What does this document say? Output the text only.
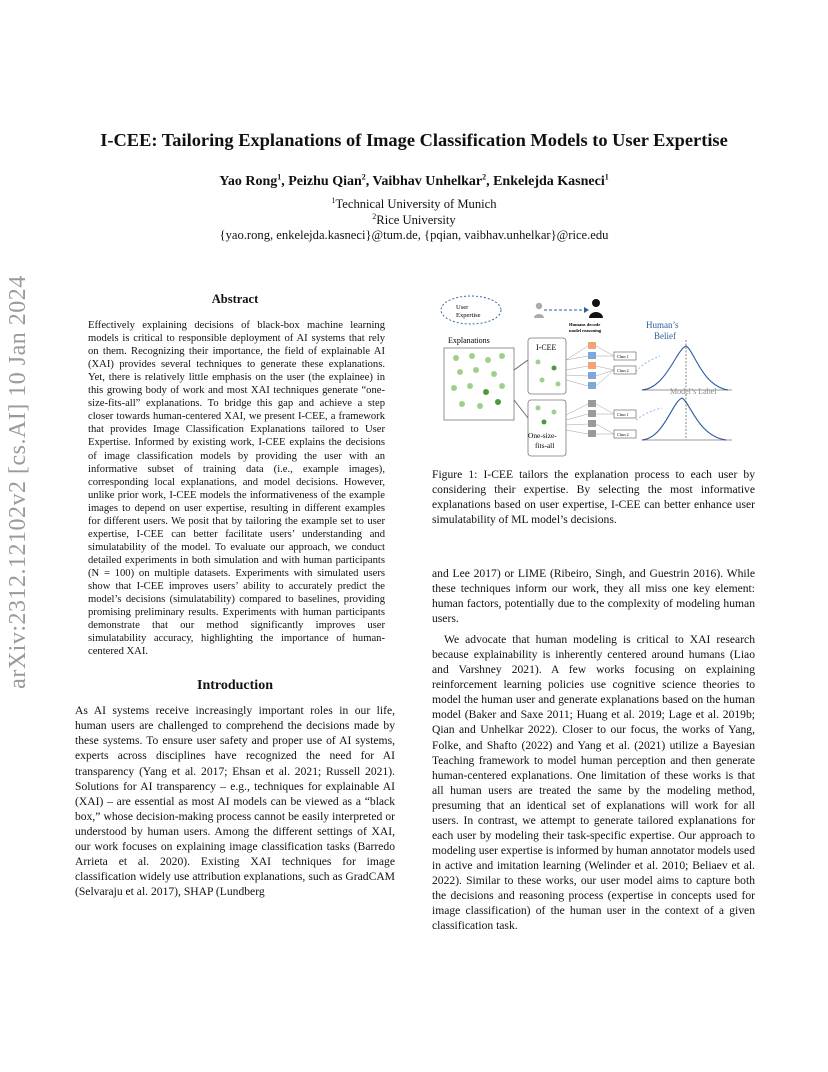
arXiv:2312.12102v2 [cs.AI] 10 Jan 2024
I-CEE: Tailoring Explanations of Image Classification Models to User Expertise
Yao Rong$^1$, Peizhu Qian$^2$, Vaibhav Unhelkar$^2$, Enkelejda Kasneci$^1$
$^1$Technical University of Munich
$^2$Rice University
{yao.rong, enkelejda.kasneci}@tum.de, {pqian, vaibhav.unhelkar}@rice.edu
Abstract
Effectively explaining decisions of black-box machine learning models is critical to responsible deployment of AI systems that rely on them. Recognizing their importance, the field of explainable AI (XAI) provides several techniques to generate these explanations. Yet, there is relatively little emphasis on the user (the explainee) in this growing body of work and most XAI techniques generate “one-size-fits-all” explanations. To bridge this gap and achieve a step closer towards human-centered XAI, we present I-CEE, a framework that provides Image Classification Explanations tailored to User Expertise. Informed by existing work, I-CEE explains the decisions of image classification models by providing the user with an informative subset of training data (i.e., example images), corresponding local explanations, and model decisions. However, unlike prior work, I-CEE models the informativeness of the example images to depend on user expertise, resulting in different examples for different users. We posit that by tailoring the example set to user expertise, I-CEE can better facilitate users’ understanding and simulatability of the model. To evaluate our approach, we conduct detailed experiments in both simulation and with human participants (N = 100) on multiple datasets. Experiments with simulated users show that I-CEE improves users’ ability to accurately predict the model’s decisions (simulatability) compared to baselines, providing promising preliminary results. Experiments with human participants demonstrate that our method significantly improves user simulatability accuracy, highlighting the importance of human-centered XAI.
Introduction

As AI systems receive increasingly important roles in our life, human users are challenged to comprehend the decisions made by these systems. To ensure user safety and proper use of AI systems, experts across disciplines have recognized the need for AI transparency (Yang et al. 2017; Ehsan et al. 2021; Russell 2021). Solutions for AI transparency – e.g., techniques for explainable AI (XAI) – are essential as most AI models can be viewed as a “black box,” whose decision-making process cannot be easily interpreted or understood by human users. Among the different settings of XAI, our work focuses on explaining image classification tasks (Barredo Arrieta et al. 2020). Existing XAI techniques for image classification widely use attribution explanations, such as GradCAM (Selvaraju et al. 2017), SHAP (Lundberg

User
Expertise
Humans decode
model reasoning
Explanations
I-CEE
One-size-
fits-all
Class 1
Class 2
Class 1
Class 2
Human’s
Belief
Model’s Label
Figure 1: I-CEE tailors the explanation process to each user by considering their expertise. By selecting the most informative explanations based on user expertise, I-CEE can better enhance user simulatability of ML model’s decisions.

and Lee 2017) or LIME (Ribeiro, Singh, and Guestrin 2016). While these techniques inform our work, they all miss one key element: human factors, potentially due to the complexity of modeling human users.

We advocate that human modeling is critical to XAI research because explainability is inherently centered around humans (Liao and Varshney 2021). A few works focusing on explaining reinforcement learning policies use cognitive science theories to model the human user and generate explanations based on the human model (Baker and Saxe 2011; Huang et al. 2019; Lage et al. 2019b; Qian and Unhelkar 2022). Closer to our focus, the works of Yang, Folke, and Shafto (2022) and Yang et al. (2021) utilize a Bayesian Teaching framework to model human perception and then generate human-centered explanations. One limitation of these works is that all human users are treated the same by the modeling method, presuming that an identical set of explanations will work for all users. In contrast, we attempt to generate tailored explanations for each user by modeling their task-specific expertise. Our approach to modeling user expertise is informed by human annotator models used in active and imitation learning (Welinder et al. 2010; Beliaev et al. 2022). Similar to these works, our user model aims to capture both the decisions and reasoning process (expertise in concepts used for image classification) of the human user in the context of a given classification task.
